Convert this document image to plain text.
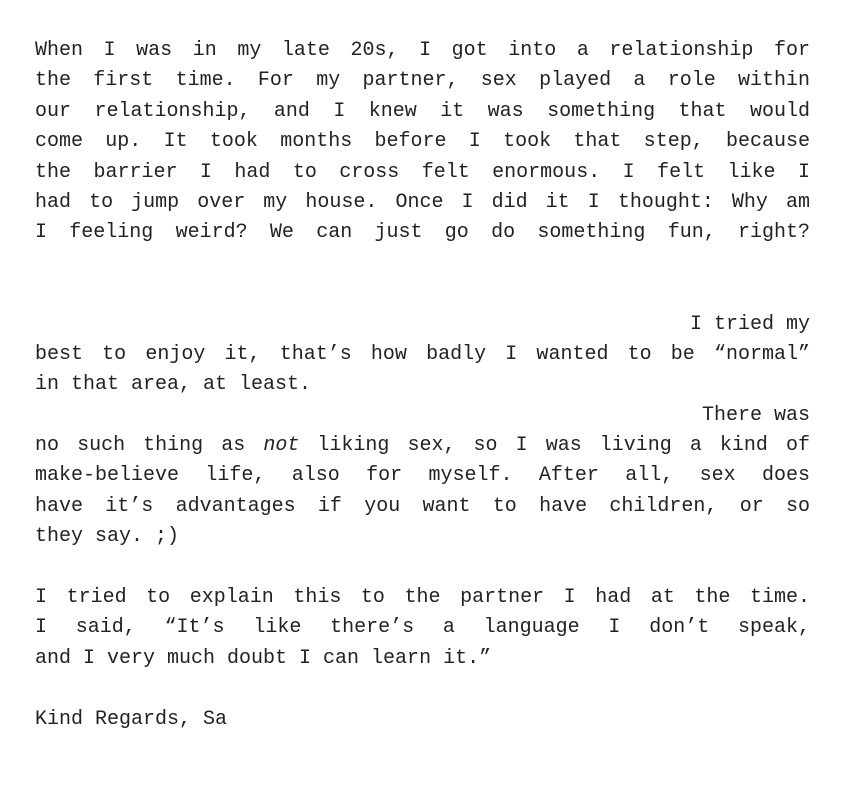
When I was in my late 20s, I got into a relationship for
the first time. For my partner, sex played a role within
our relationship, and I knew it was something that would
come up. It took months before I took that step, because
the barrier I had to cross felt enormous. I felt like I
had to jump over my house. Once I did it I thought: Why am
I feeling weird? We can just go do something fun, right?
I tried my
best to enjoy it, that’s how badly I wanted to be “normal”
in that area, at least.
There was
no such thing as not liking sex, so I was living a kind of
make-believe life, also for myself. After all, sex does
have it’s advantages if you want to have children, or so
they say. ;)
I tried to explain this to the partner I had at the time.
I said, “It’s like there’s a language I don’t speak,
and I very much doubt I can learn it.”
Kind Regards, Sa
